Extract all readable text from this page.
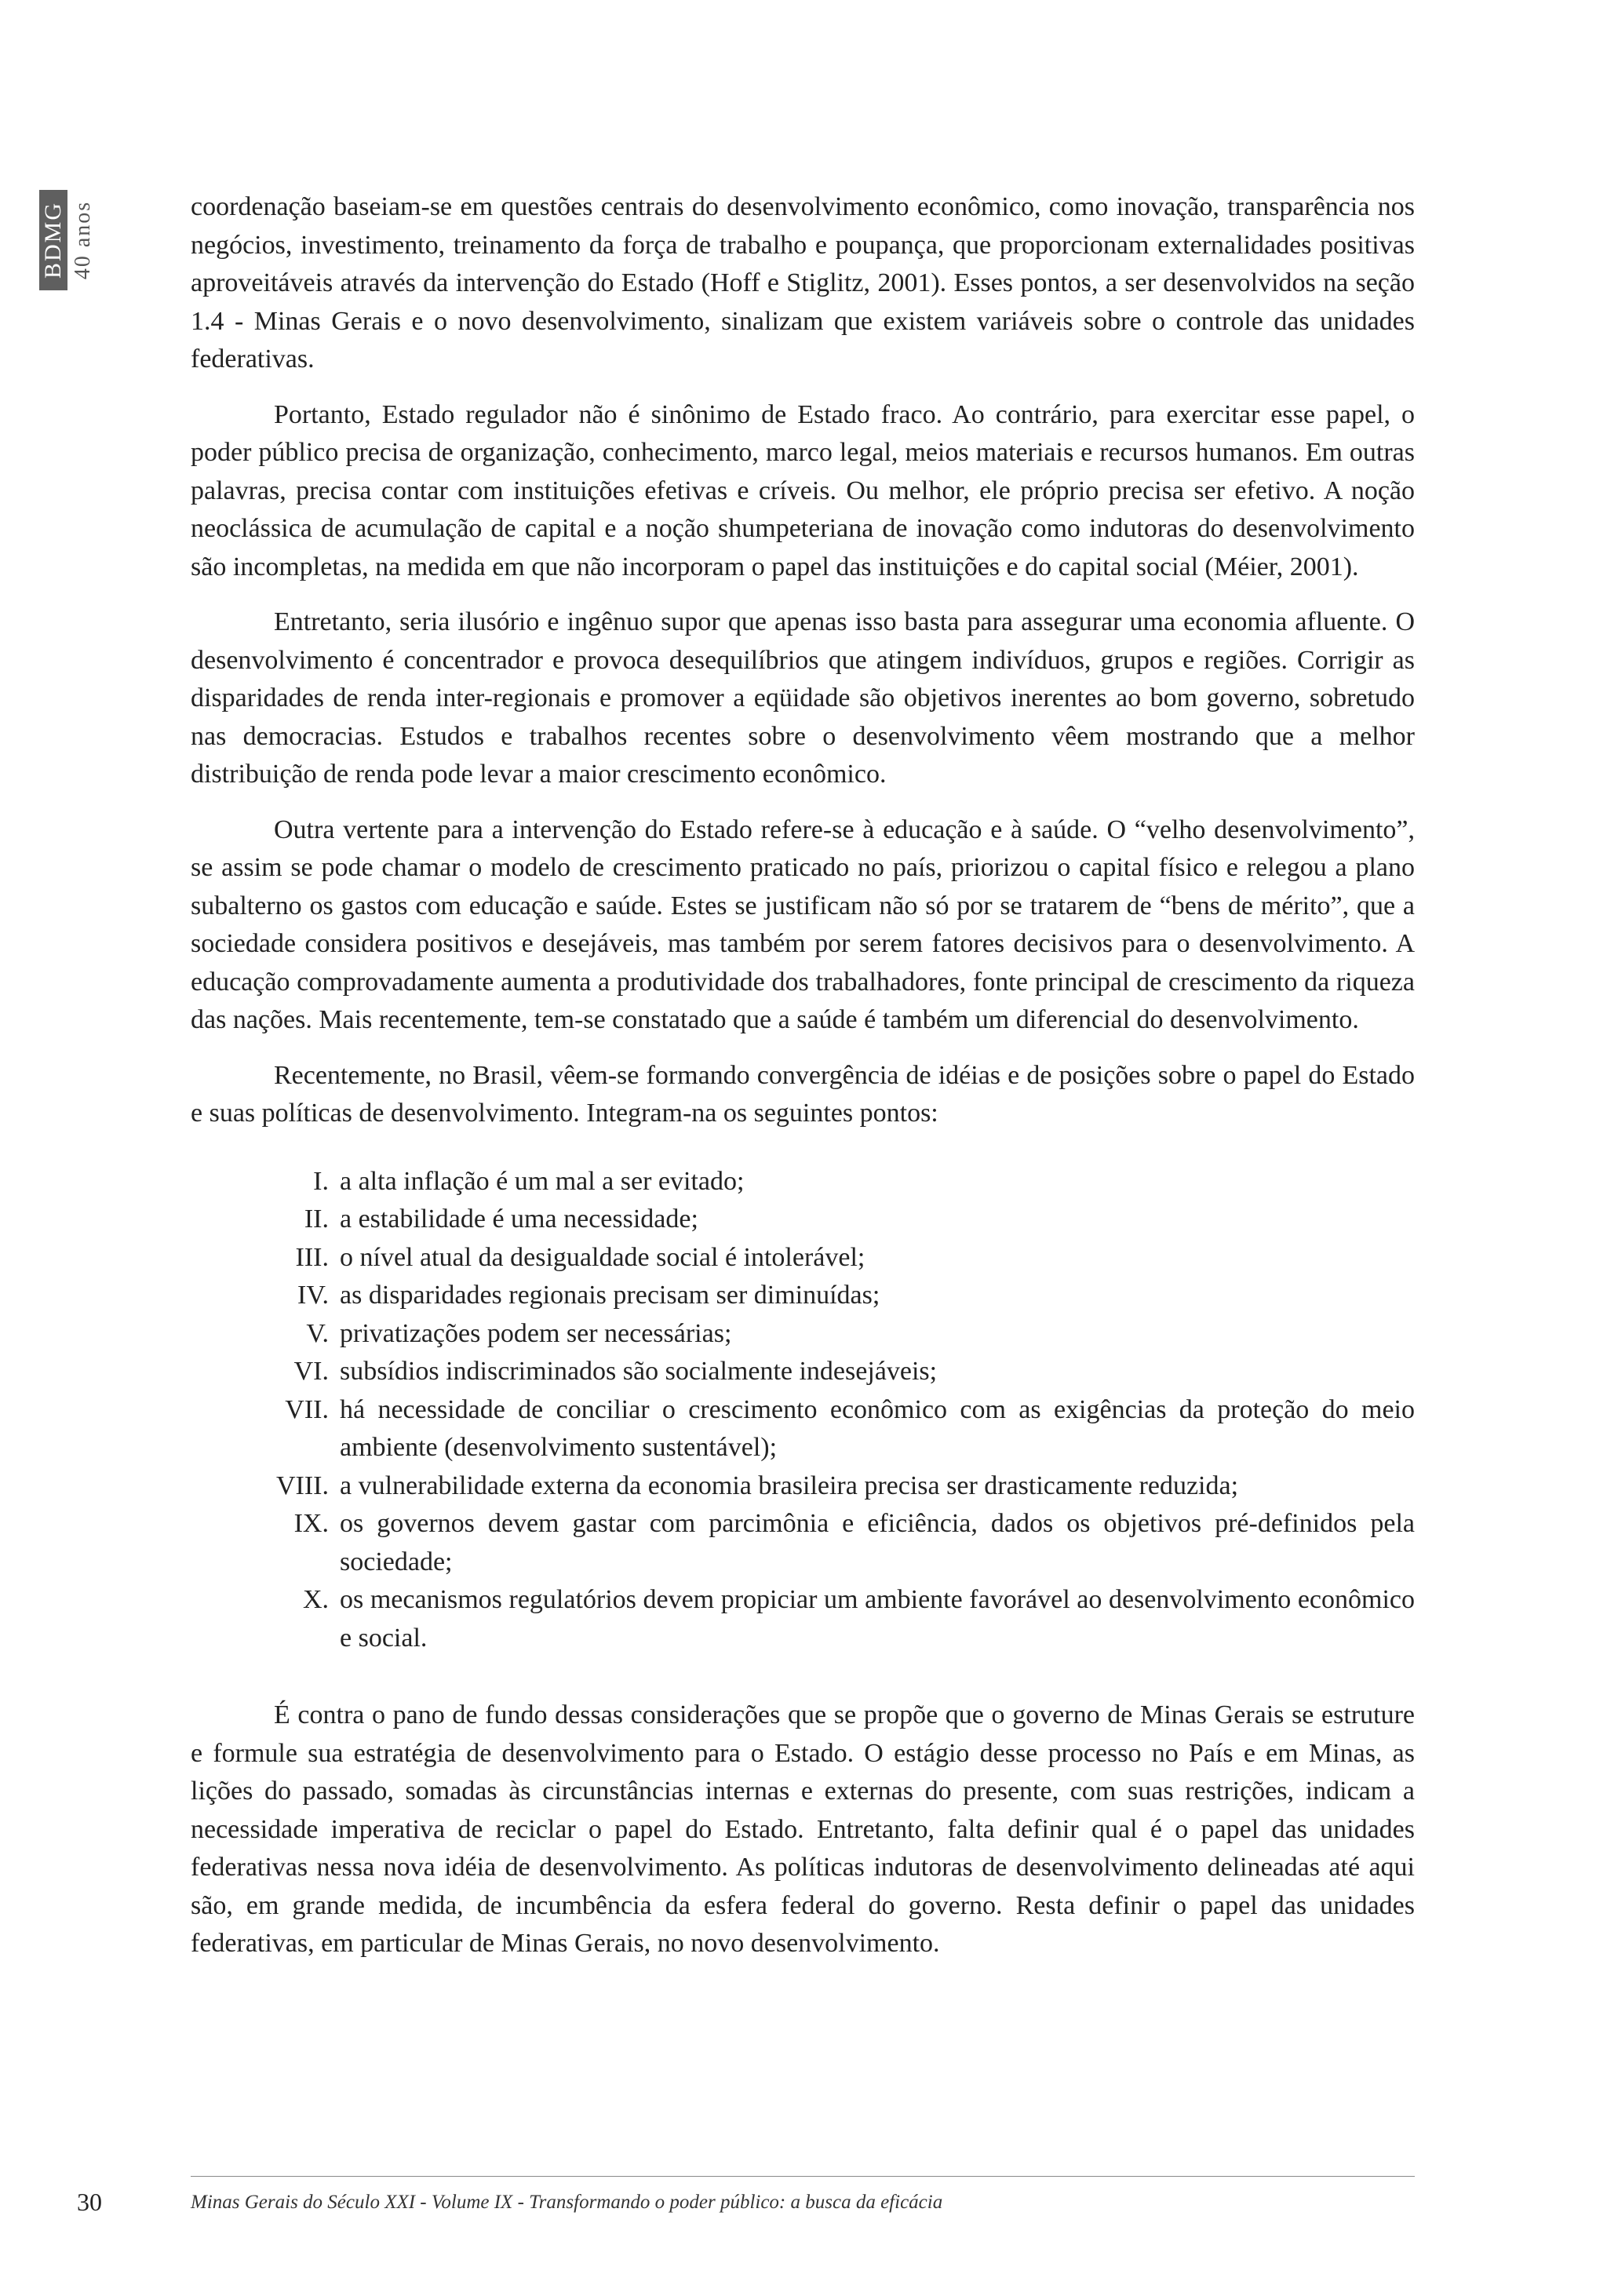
BDMG 40 anos	coordenação baseiam-se em questões centrais do desenvolvimento econômico, como inovação, transparência nos negócios, investimento, treinamento da força de trabalho e poupança, que proporcionam externalidades positivas aproveitáveis através da intervenção do Estado (Hoff e Stiglitz, 2001). Esses pontos, a ser desenvolvidos na seção 1.4 - Minas Gerais e o novo desenvolvimento, sinalizam que existem variáveis sobre o controle das unidades federativas.

Portanto, Estado regulador não é sinônimo de Estado fraco. Ao contrário, para exercitar esse papel, o poder público precisa de organização, conhecimento, marco legal, meios materiais e recursos humanos. Em outras palavras, precisa contar com instituições efetivas e críveis. Ou melhor, ele próprio precisa ser efetivo. A noção neoclássica de acumulação de capital e a noção shumpeteriana de inovação como indutoras do desenvolvimento são incompletas, na medida em que não incorporam o papel das instituições e do capital social (Méier, 2001).

Entretanto, seria ilusório e ingênuo supor que apenas isso basta para assegurar uma economia afluente. O desenvolvimento é concentrador e provoca desequilíbrios que atingem indivíduos, grupos e regiões. Corrigir as disparidades de renda inter-regionais e promover a eqüidade são objetivos inerentes ao bom governo, sobretudo nas democracias. Estudos e trabalhos recentes sobre o desenvolvimento vêem mostrando que a melhor distribuição de renda pode levar a maior crescimento econômico.

Outra vertente para a intervenção do Estado refere-se à educação e à saúde. O “velho desenvolvimento”, se assim se pode chamar o modelo de crescimento praticado no país, priorizou o capital físico e relegou a plano subalterno os gastos com educação e saúde. Estes se justificam não só por se tratarem de “bens de mérito”, que a sociedade considera positivos e desejáveis, mas também por serem fatores decisivos para o desenvolvimento. A educação comprovadamente aumenta a produtividade dos trabalhadores, fonte principal de crescimento da riqueza das nações. Mais recentemente, tem-se constatado que a saúde é também um diferencial do desenvolvimento.

Recentemente, no Brasil, vêem-se formando convergência de idéias e de posições sobre o papel do Estado e suas políticas de desenvolvimento. Integram-na os seguintes pontos:

I. a alta inflação é um mal a ser evitado;
II. a estabilidade é uma necessidade;
III. o nível atual da desigualdade social é intolerável;
IV. as disparidades regionais precisam ser diminuídas;
V. privatizações podem ser necessárias;
VI. subsídios indiscriminados são socialmente indesejáveis;
VII. há necessidade de conciliar o crescimento econômico com as exigências da proteção do meio ambiente (desenvolvimento sustentável);
VIII. a vulnerabilidade externa da economia brasileira precisa ser drasticamente reduzida;
IX. os governos devem gastar com parcimônia e eficiência, dados os objetivos pré-definidos pela sociedade;
X. os mecanismos regulatórios devem propiciar um ambiente favorável ao desenvolvimento econômico e social.

É contra o pano de fundo dessas considerações que se propõe que o governo de Minas Gerais se estruture e formule sua estratégia de desenvolvimento para o Estado. O estágio desse processo no País e em Minas, as lições do passado, somadas às circunstâncias internas e externas do presente, com suas restrições, indicam a necessidade imperativa de reciclar o papel do Estado. Entretanto, falta definir qual é o papel das unidades federativas nessa nova idéia de desenvolvimento. As políticas indutoras de desenvolvimento delineadas até aqui são, em grande medida, de incumbência da esfera federal do governo. Resta definir o papel das unidades federativas, em particular de Minas Gerais, no novo desenvolvimento.

30	Minas Gerais do Século XXI - Volume IX - Transformando o poder público: a busca da eficácia
